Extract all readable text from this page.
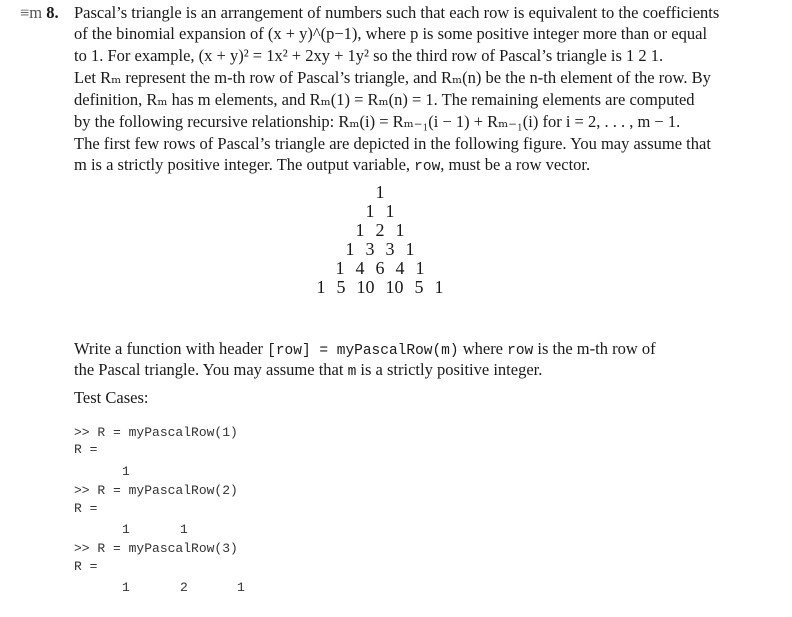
≡m 8. Pascal’s triangle is an arrangement of numbers such that each row is equivalent to the coefficients
of the binomial expansion of (x + y)^(p−1), where p is some positive integer more than or equal
to 1. For example, (x + y)² = 1x² + 2xy + 1y² so the third row of Pascal’s triangle is 1 2 1.
Let Rₘ represent the m-th row of Pascal’s triangle, and Rₘ(n) be the n-th element of the row. By
definition, Rₘ has m elements, and Rₘ(1) = Rₘ(n) = 1. The remaining elements are computed
by the following recursive relationship: Rₘ(i) = Rₘ₋₁(i − 1) + Rₘ₋₁(i) for i = 2, . . . , m − 1.
The first few rows of Pascal’s triangle are depicted in the following figure. You may assume that
m is a strictly positive integer. The output variable, row, must be a row vector.
1
1 1
1 2 1
1 3 3 1
1 4 6 4 1
1 5 10 10 5 1
Write a function with header [row] = myPascalRow(m) where row is the m-th row of
the Pascal triangle. You may assume that m is a strictly positive integer.
Test Cases:
>> R = myPascalRow(1)
R =
1
>> R = myPascalRow(2)
R =
1	1
>> R = myPascalRow(3)
R =
1	2	1
